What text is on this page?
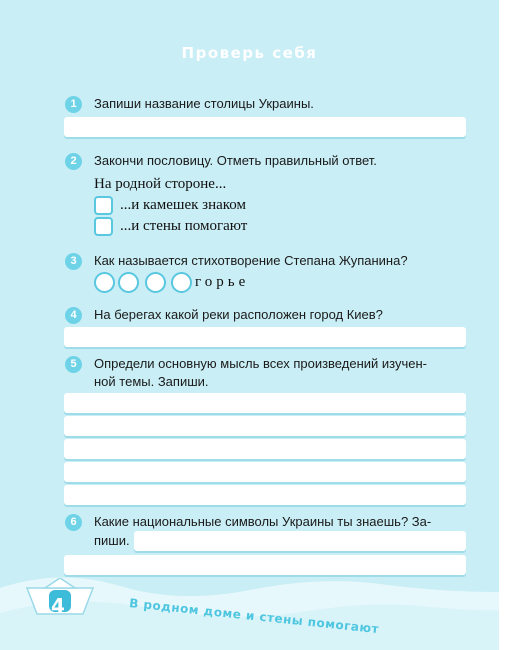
Проверь себя
1	Запиши название столицы Украины.
2	Закончи пословицу. Отметь правильный ответ.
На родной стороне...
...и камешек знаком
...и стены помогают
3	Как называется стихотворение Степана Жупанина?
горье
4	На берегах какой реки расположен город Киев?
5	Определи основную мысль всех произведений изучен-
ной темы. Запиши.
6	Какие национальные символы Украины ты знаешь? За-
пиши.
4	В родном доме и стены помогают
